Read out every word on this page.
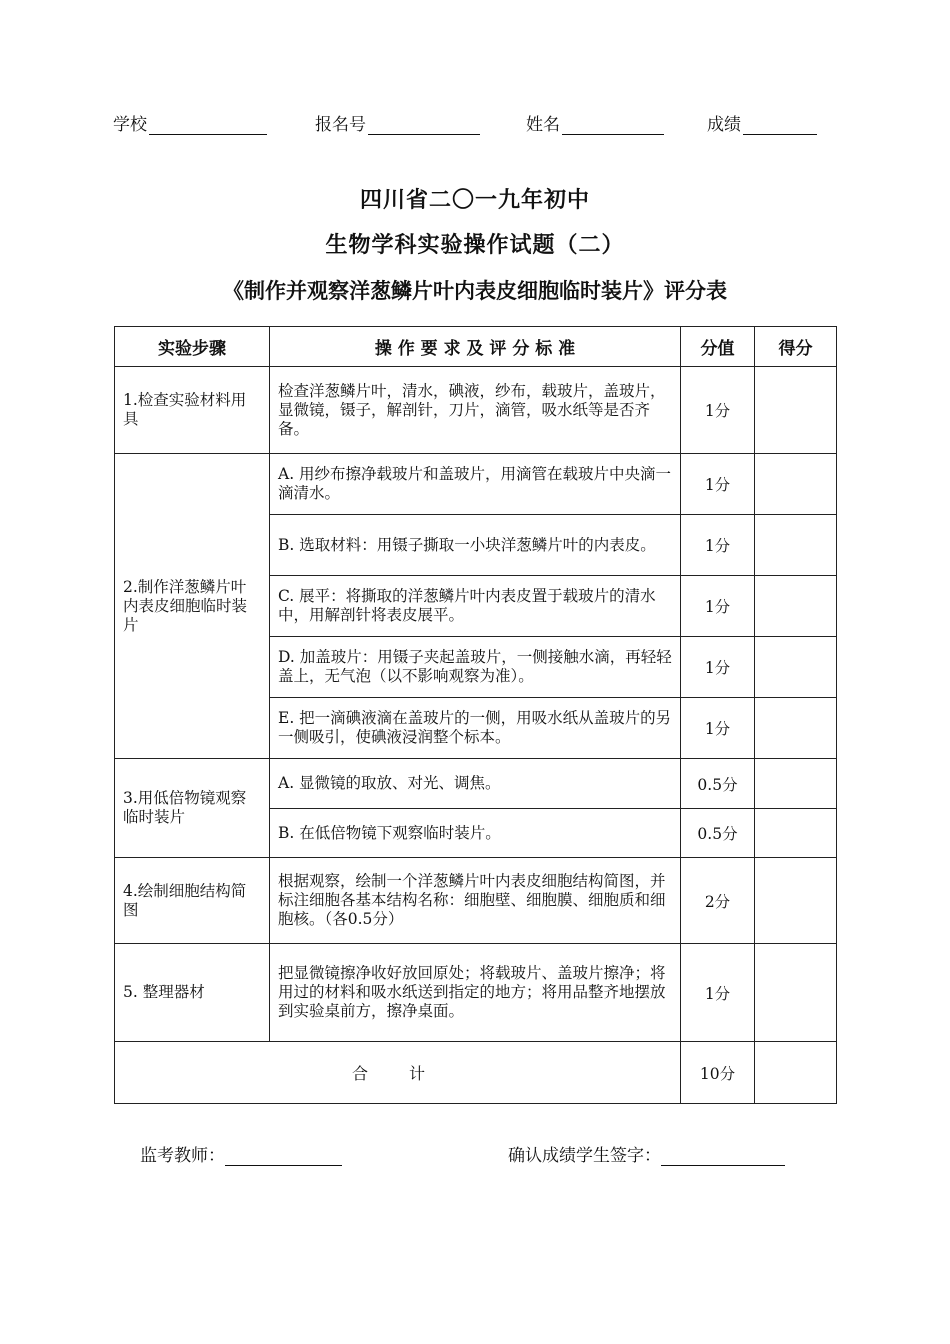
学校	报名号	姓名	成绩
四川省二〇一九年初中
生物学科实验操作试题（二）
《制作并观察洋葱鳞片叶内表皮细胞临时装片》评分表
实验步骤	操 作 要 求 及 评 分 标 准	分值	得分
1.检查实验材料用具	检查洋葱鳞片叶，清水，碘液，纱布，载玻片，盖玻片，显微镜，镊子，解剖针，刀片，滴管，吸水纸等是否齐备。	1分	
2.制作洋葱鳞片叶内表皮细胞临时装片	A. 用纱布擦净载玻片和盖玻片，用滴管在载玻片中央滴一滴清水。	1分	
	B. 选取材料：用镊子撕取一小块洋葱鳞片叶的内表皮。	1分	
	C. 展平：将撕取的洋葱鳞片叶内表皮置于载玻片的清水中，用解剖针将表皮展平。	1分	
	D. 加盖玻片：用镊子夹起盖玻片，一侧接触水滴，再轻轻盖上，无气泡（以不影响观察为准）。	1分	
	E. 把一滴碘液滴在盖玻片的一侧，用吸水纸从盖玻片的另一侧吸引，使碘液浸润整个标本。	1分	
3.用低倍物镜观察临时装片	A. 显微镜的取放、对光、调焦。	0.5分	
	B. 在低倍物镜下观察临时装片。	0.5分	
4.绘制细胞结构简图	根据观察，绘制一个洋葱鳞片叶内表皮细胞结构简图，并标注细胞各基本结构名称：细胞壁、细胞膜、细胞质和细胞核。（各0.5分）	2分	
5. 整理器材	把显微镜擦净收好放回原处；将载玻片、盖玻片擦净；将用过的材料和吸水纸送到指定的地方；将用品整齐地摆放到实验桌前方，擦净桌面。	1分	
合 计		10分	
监考教师：	确认成绩学生签字：
